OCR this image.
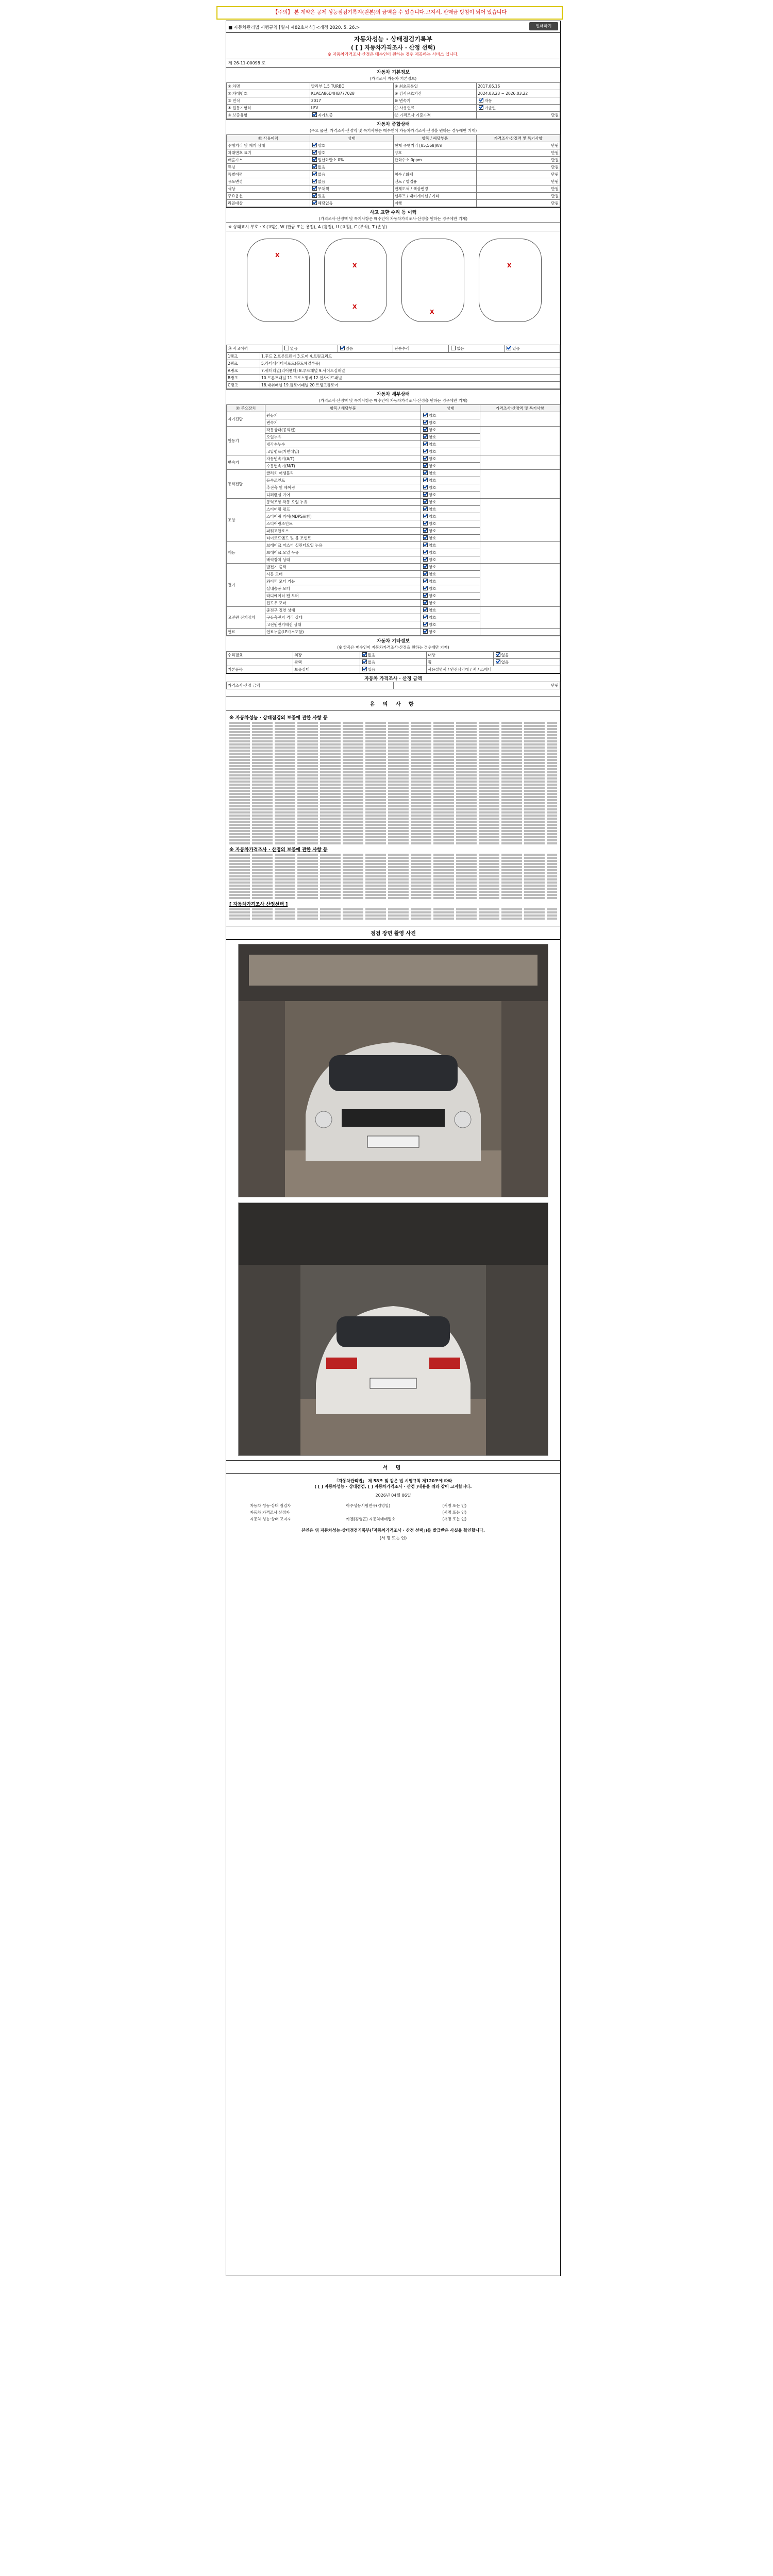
【주의】 본 계약은 공제 성능점검기록지(원본)의 금액을 수 있습니다.고지서, 판매금 방침이 되어 있습니다
■ 자동차관리법 시행규칙 [별지 제82호서식] <개정 2020. 5. 26.>	인쇄하기
자동차성능 · 상태점검기록부
( [ ] 자동차가격조사 · 산정 선택)
※ 자동차가격조사·산정은 매수인이 원하는 경우 제공하는 서비스 입니다.
제 26-11-00098 호
자동차 기본정보
(가격조사 자동차 기본정보)
① 차명	말리부 1.5 TURBO	⑧ 최초등록일	2017.06.16
② 차대번호	KLACA86D4HB777028	⑨ 검사유효기간	2024.03.23 ~ 2026.03.22
③ 연식	2017	⑩ 변속기	자동
④ 원동기형식	LFV	⑪ 사용연료	가솔린
⑤ 보증유형	자가보증	⑫ 가격조사 기준가격	만원
자동차 종합상태
(주요 옵션, 가격조사·산정액 및 특기사항은 매수인이 자동차가격조사·산정을 원하는 경우에만 기재)
⑬ 사용이력	상태	항목 / 해당부품	가격조사·산정액 및 특기사항
주행거리 및 계기 상태	양호	현재 주행거리 [85,568]Km	만원
차대번호 표기	양호	양호	만원
배출가스	일산화탄소 0%	탄화수소 0ppm	만원
튜닝	없음		만원
특별이력	없음	침수 / 화재	만원
용도변경	없음	렌트 / 영업용	만원
색상	무채색	전체도색 / 색상변경	만원
주요옵션	있음	선루프 / 내비게이션 / 기타	만원
리콜대상	해당없음	이행	만원
사고 교환 수리 등 이력
(가격조사·산정액 및 특기사항은 매수인이 자동차가격조사·산정을 원하는 경우에만 기재)
※ 상태표시 부호 : X (교환), W (판금 또는 용접), A (흠집), U (요철), C (부식), T (손상)
X
X
X
X
X
⑭ 사고이력	없음	있음	단순수리	없음	있음
1랭크	1.후드 2.프론트펜더 3.도어 4.트렁크리드
2랭크	5.라디에이터서포트(볼트체결부품)
A랭크	7.쿼터패널(리어펜더) 8.루프패널 9.사이드실패널
B랭크	10.프론트패널 11.크로스멤버 12.인사이드패널
C랭크	18.대쉬패널 19.플로어패널 20.트렁크플로어
자동차 세부상태
(가격조사·산정액 및 특기사항은 매수인이 자동차가격조사·산정을 원하는 경우에만 기재)
⑯ 주요장치	항목 / 해당부품	상태	가격조사·산정액 및 특기사항
자기진단	원동기	양호	
	변속기	양호	
원동기	작동상태(공회전)	양호	
	오일누유	양호	
	냉각수누수	양호	
	고압펌프(커먼레일)	양호	
변속기	자동변속기(A/T)	양호	
	수동변속기(M/T)	양호	
동력전달	클러치 어셈블리	양호	
	등속조인트	양호	
	추진축 및 베어링	양호	
	디퍼렌셜 기어	양호	
조향	동력조향 작동 오일 누유	양호	
	스티어링 펌프	양호	
	스티어링 기어(MDPS포함)	양호	
	스티어링조인트	양호	
	파워고압호스	양호	
	타이로드엔드 및 볼 조인트	양호	
제동	브레이크 마스터 실린더오일 누유	양호	
	브레이크 오일 누유	양호	
	배력장치 상태	양호	
전기	발전기 출력	양호	
	시동 모터	양호	
	와이퍼 모터 기능	양호	
	실내송풍 모터	양호	
	라디에이터 팬 모터	양호	
	윈도우 모터	양호	
고전원 전기장치	충전구 절연 상태	양호	
	구동축전지 격리 상태	양호	
	고전원전기배선 상태	양호	
연료	연료누출(LP가스포함)	양호	
자동차 기타정보
(※ 항목은 매수인이 자동차가격조사·산정을 원하는 경우에만 기재)
수리필요	외장	없음	내장	없음
	광택	없음	휠	없음
기본품목	보유상태	있음	사용설명서 / 안전삼각대 / 잭 / 스패너	
자동차 가격조사 · 산정 금액
가격조사·산정 금액	만원
유 의 사 항
※ 자동차성능 · 상태점검의 보증에 관한 사항 등
※ 자동차가격조사 · 산정의 보증에 관한 사항 등
[ 자동차가격조사 산정선택 ]
점검 장면 촬영 사진
서 명
「자동차관리법」 제 58조 및 같은 법 시행규칙 제120조에 따라
( [ ] 자동차성능 · 상태점검, [ ] 자동차가격조사 · 산정 )내용을 위와 같이 고지합니다.
2026년 04월 06일
자동차 성능·상태 점검자	아주성능시험연구(김영일)	(서명 또는 인)
자동차 가격조사·산정자		(서명 또는 인)
자동차 성능·상태 고지자	카젠(김영곤) 자동차매매업소	(서명 또는 인)
본인은 위 자동차성능·상태점검기록부(「자동차가격조사 · 산정 선택」)를 발급받은 사실을 확인합니다.
(서 명 또는 인)
